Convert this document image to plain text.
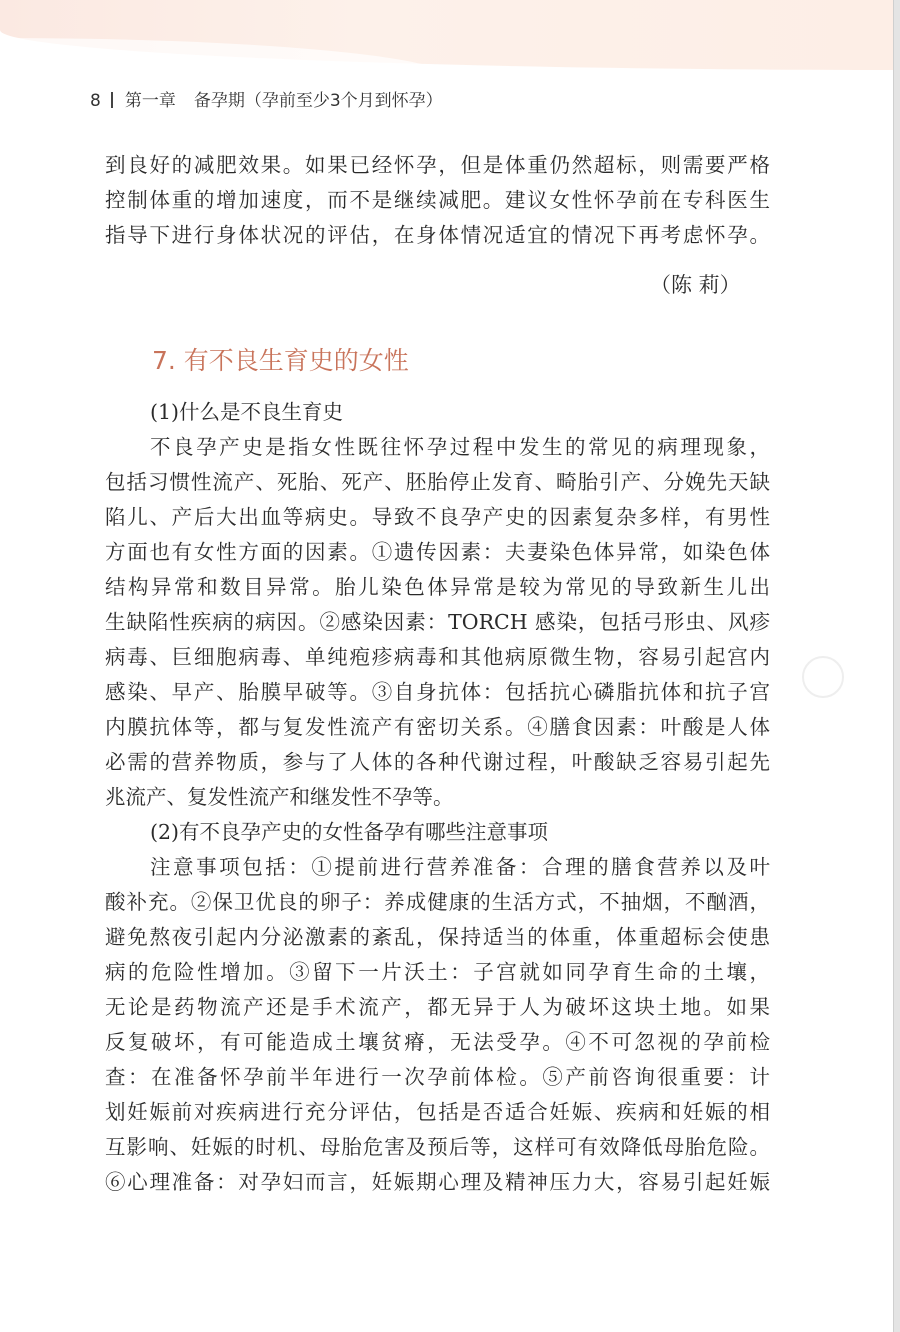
8 第一章 备孕期（孕前至少3个月到怀孕）
到良好的减肥效果。如果已经怀孕，但是体重仍然超标，则需要严格
控制体重的增加速度，而不是继续减肥。建议女性怀孕前在专科医生
指导下进行身体状况的评估，在身体情况适宜的情况下再考虑怀孕。
不良孕产史是指女性既往怀孕过程中发生的常见的病理现象，
包括习惯性流产、死胎、死产、胚胎停止发育、畸胎引产、分娩先天缺
陷儿、产后大出血等病史。导致不良孕产史的因素复杂多样，有男性
方面也有女性方面的因素。①遗传因素：夫妻染色体异常，如染色体
结构异常和数目异常。胎儿染色体异常是较为常见的导致新生儿出
生缺陷性疾病的病因。②感染因素：TORCH 感染，包括弓形虫、风疹
病毒、巨细胞病毒、单纯疱疹病毒和其他病原微生物，容易引起宫内
感染、早产、胎膜早破等。③自身抗体：包括抗心磷脂抗体和抗子宫
内膜抗体等，都与复发性流产有密切关系。④膳食因素：叶酸是人体
必需的营养物质，参与了人体的各种代谢过程，叶酸缺乏容易引起先
兆流产、复发性流产和继发性不孕等。
注意事项包括：①提前进行营养准备：合理的膳食营养以及叶
酸补充。②保卫优良的卵子：养成健康的生活方式，不抽烟，不酗酒，
避免熬夜引起内分泌激素的紊乱，保持适当的体重，体重超标会使患
病的危险性增加。③留下一片沃土：子宫就如同孕育生命的土壤，
无论是药物流产还是手术流产，都无异于人为破坏这块土地。如果
反复破坏，有可能造成土壤贫瘠，无法受孕。④不可忽视的孕前检
查：在准备怀孕前半年进行一次孕前体检。⑤产前咨询很重要：计
划妊娠前对疾病进行充分评估，包括是否适合妊娠、疾病和妊娠的相
互影响、妊娠的时机、母胎危害及预后等，这样可有效降低母胎危险。
⑥心理准备：对孕妇而言，妊娠期心理及精神压力大，容易引起妊娠
（陈 莉）
7. 有不良生育史的女性
(1)什么是不良生育史
(2)有不良孕产史的女性备孕有哪些注意事项
